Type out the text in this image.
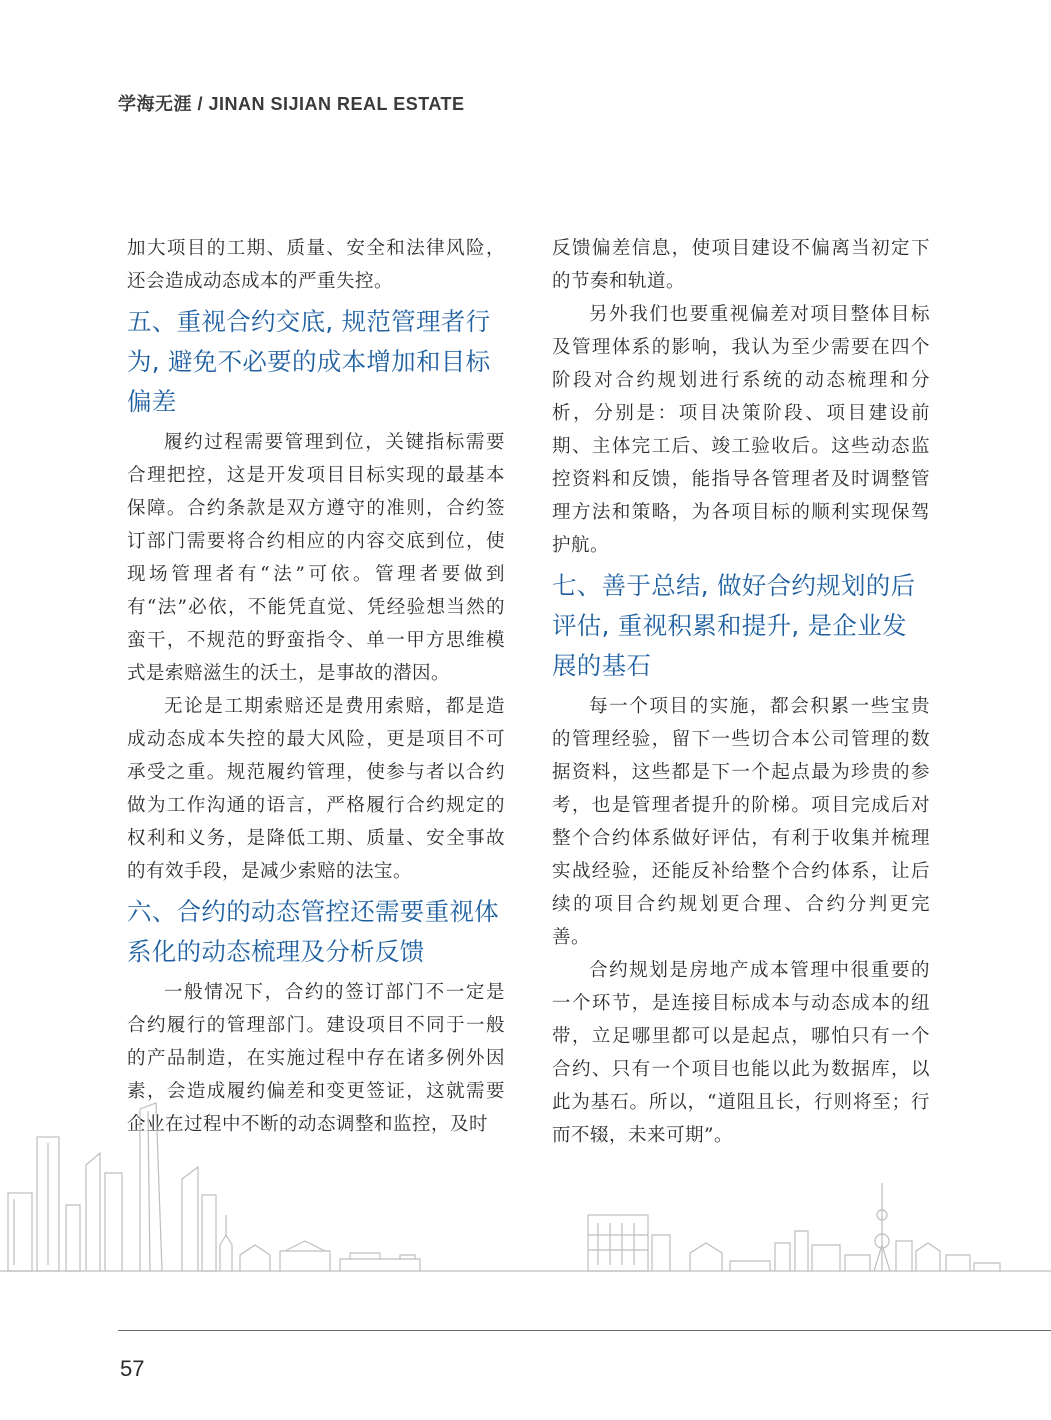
学海无涯 / JINAN SIJIAN REAL ESTATE

加大项目的工期、质量、安全和法律风险，还会造成动态成本的严重失控。

五、重视合约交底, 规范管理者行为, 避免不必要的成本增加和目标偏差

履约过程需要管理到位，关键指标需要合理把控，这是开发项目目标实现的最基本保障。合约条款是双方遵守的准则，合约签订部门需要将合约相应的内容交底到位，使现场管理者有“法”可依。管理者要做到有“法”必依，不能凭直觉、凭经验想当然的蛮干，不规范的野蛮指令、单一甲方思维模式是索赔滋生的沃土，是事故的潜因。

无论是工期索赔还是费用索赔，都是造成动态成本失控的最大风险，更是项目不可承受之重。规范履约管理，使参与者以合约做为工作沟通的语言，严格履行合约规定的权利和义务，是降低工期、质量、安全事故的有效手段，是减少索赔的法宝。

六、合约的动态管控还需要重视体系化的动态梳理及分析反馈

一般情况下，合约的签订部门不一定是合约履行的管理部门。建设项目不同于一般的产品制造，在实施过程中存在诸多例外因素，会造成履约偏差和变更签证，这就需要企业在过程中不断的动态调整和监控，及时

反馈偏差信息，使项目建设不偏离当初定下的节奏和轨道。

另外我们也要重视偏差对项目整体目标及管理体系的影响，我认为至少需要在四个阶段对合约规划进行系统的动态梳理和分析，分别是：项目决策阶段、项目建设前期、主体完工后、竣工验收后。这些动态监控资料和反馈，能指导各管理者及时调整管理方法和策略，为各项目标的顺利实现保驾护航。

七、善于总结, 做好合约规划的后评估, 重视积累和提升, 是企业发展的基石

每一个项目的实施，都会积累一些宝贵的管理经验，留下一些切合本公司管理的数据资料，这些都是下一个起点最为珍贵的参考，也是管理者提升的阶梯。项目完成后对整个合约体系做好评估，有利于收集并梳理实战经验，还能反补给整个合约体系，让后续的项目合约规划更合理、合约分判更完善。

合约规划是房地产成本管理中很重要的一个环节，是连接目标成本与动态成本的纽带，立足哪里都可以是起点，哪怕只有一个合约、只有一个项目也能以此为数据库，以此为基石。所以，“道阻且长，行则将至；行而不辍，未来可期”。

57
